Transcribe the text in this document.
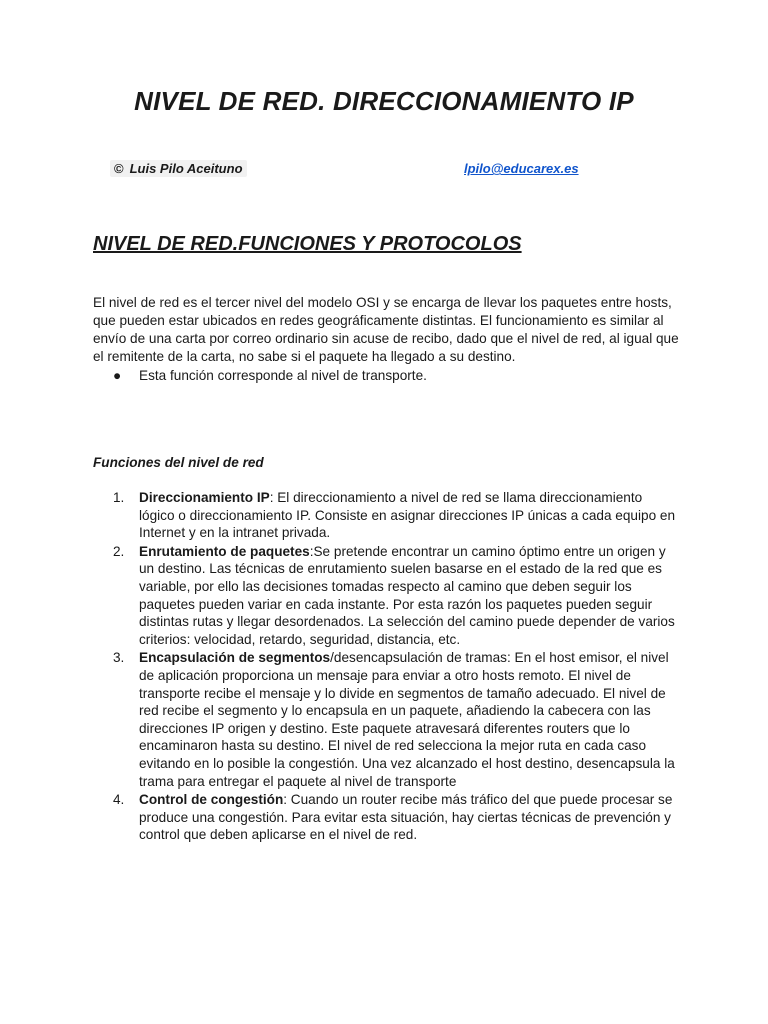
NIVEL DE RED. DIRECCIONAMIENTO IP
© Luis Pilo Aceituno	lpilo@educarex.es
NIVEL DE RED.FUNCIONES Y PROTOCOLOS

El nivel de red es el tercer nivel del modelo OSI y se encarga de llevar los paquetes entre hosts, que pueden estar ubicados en redes geográficamente distintas. El funcionamiento es similar al envío de una carta por correo ordinario sin acuse de recibo, dado que el nivel de red, al igual que el remitente de la carta, no sabe si el paquete ha llegado a su destino.

● Esta función corresponde al nivel de transporte.
Funciones del nivel de red
1. Direccionamiento IP: El direccionamiento a nivel de red se llama direccionamiento lógico o direccionamiento IP. Consiste en asignar direcciones IP únicas a cada equipo en Internet y en la intranet privada.
2. Enrutamiento de paquetes:Se pretende encontrar un camino óptimo entre un origen y un destino. Las técnicas de enrutamiento suelen basarse en el estado de la red que es variable, por ello las decisiones tomadas respecto al camino que deben seguir los paquetes pueden variar en cada instante. Por esta razón los paquetes pueden seguir distintas rutas y llegar desordenados. La selección del camino puede depender de varios criterios: velocidad, retardo, seguridad, distancia, etc.
3. Encapsulación de segmentos/desencapsulación de tramas: En el host emisor, el nivel de aplicación proporciona un mensaje para enviar a otro hosts remoto. El nivel de transporte recibe el mensaje y lo divide en segmentos de tamaño adecuado. El nivel de red recibe el segmento y lo encapsula en un paquete, añadiendo la cabecera con las direcciones IP origen y destino. Este paquete atravesará diferentes routers que lo encaminaron hasta su destino. El nivel de red selecciona la mejor ruta en cada caso evitando en lo posible la congestión. Una vez alcanzado el host destino, desencapsula la trama para entregar el paquete al nivel de transporte
4. Control de congestión: Cuando un router recibe más tráfico del que puede procesar se produce una congestión. Para evitar esta situación, hay ciertas técnicas de prevención y control que deben aplicarse en el nivel de red.
